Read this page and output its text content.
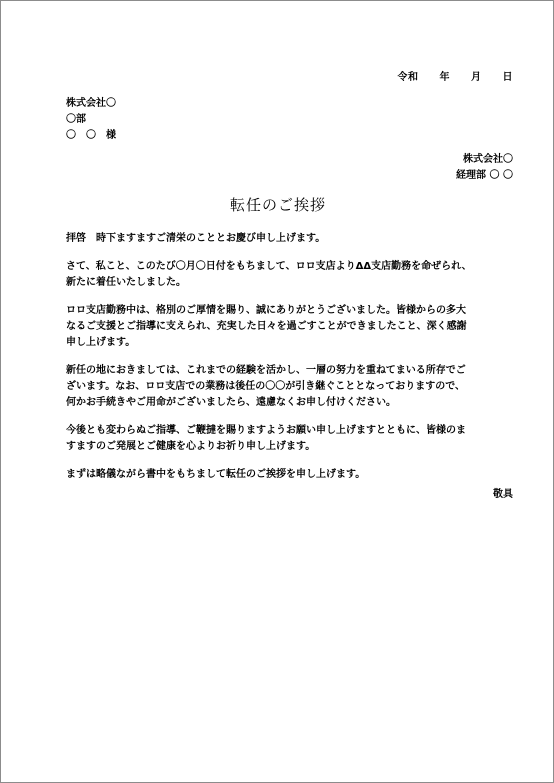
令和　　年　　月　　日
株式会社〇
〇部
〇　〇　様
株式会社〇
経理部 〇 〇
転任のご挨拶

拝啓　時下ますますご清栄のこととお慶び申し上げます。

さて、私こと、このたび〇月〇日付をもちまして、ロロ支店よりΔΔ支店勤務を命ぜられ、
新たに着任いたしました。

ロロ支店勤務中は、格別のご厚情を賜り、誠にありがとうございました。皆様からの多大
なるご支援とご指導に支えられ、充実した日々を過ごすことができましたこと、深く感謝
申し上げます。

新任の地におきましては、これまでの経験を活かし、一層の努力を重ねてまいる所存でご
ざいます。なお、ロロ支店での業務は後任の〇〇が引き継ぐこととなっておりますので、
何かお手続きやご用命がございましたら、遠慮なくお申し付けください。

今後とも変わらぬご指導、ご鞭撻を賜りますようお願い申し上げますとともに、皆様のま
すますのご発展とご健康を心よりお祈り申し上げます。

まずは略儀ながら書中をもちまして転任のご挨拶を申し上げます。

敬具
